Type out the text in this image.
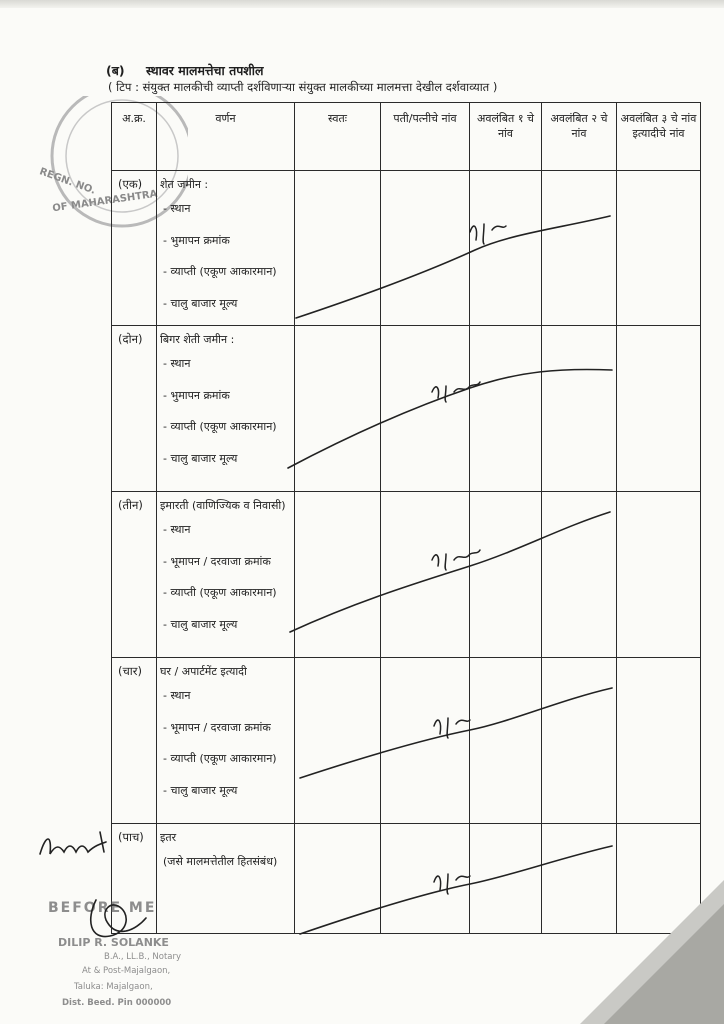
(ब) स्थावर मालमत्तेचा तपशील
( टिप : संयुक्त मालकीची व्याप्ती दर्शविणाऱ्या संयुक्त मालकीच्या मालमत्ता देखील दर्शवाव्यात )
REGN. NO.
OF MAHARASHTRA
अ.क्र.	वर्णन	स्वतः	पती/पत्नीचे नांव	अवलंबित १ चे नांव	अवलंबित २ चे नांव	अवलंबित ३ चे नांव इत्यादीचे नांव
(एक)	शेत जमीन :
- स्थान
- भुमापन क्रमांक
- व्याप्ती (एकूण आकारमान)
- चालु बाजार मूल्य					

(दोन)	बिगर शेती जमीन :
- स्थान
- भुमापन क्रमांक
- व्याप्ती (एकूण आकारमान)
- चालु बाजार मूल्य					

(तीन)	इमारती (वाणिज्यिक व निवासी)
- स्थान
- भूमापन / दरवाजा क्रमांक
- व्याप्ती (एकूण आकारमान)
- चालु बाजार मूल्य					

(चार)	घर / अपार्टमेंट इत्यादी
- स्थान
- भूमापन / दरवाजा क्रमांक
- व्याप्ती (एकूण आकारमान)
- चालु बाजार मूल्य					

(पाच)	इतर
(जसे मालमत्तेतील हितसंबंध)					

BEFORE ME
DILIP R. SOLANKE
B.A., LL.B., Notary
At & Post-Majalgaon,
Taluka: Majalgaon,
Dist. Beed. Pin 000000
